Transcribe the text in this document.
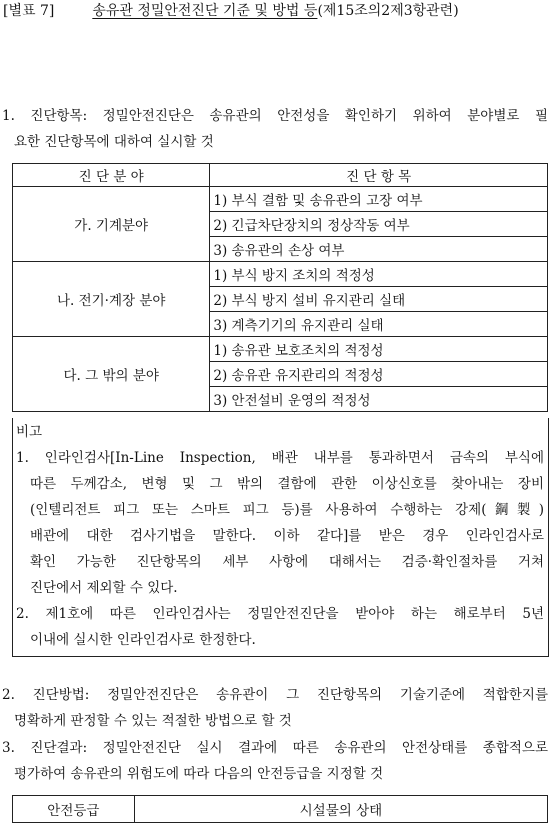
[별표 7]	송유관 정밀안전진단 기준 및 방법 등(제15조의2제3항관련)
1. 진단항목: 정밀안전진단은 송유관의 안전성을 확인하기 위하여 분야별로 필
요한 진단항목에 대하여 실시할 것
진 단 분 야	진 단 항 목
가. 기계분야	1) 부식 결함 및 송유관의 고장 여부
	2) 긴급차단장치의 정상작동 여부
	3) 송유관의 손상 여부
나. 전기·계장 분야	1) 부식 방지 조치의 적정성
	2) 부식 방지 설비 유지관리 실태
	3) 계측기기의 유지관리 실태
다. 그 밖의 분야	1) 송유관 보호조치의 적정성
	2) 송유관 유지관리의 적정성
	3) 안전설비 운영의 적정성
비고
1. 인라인검사[In-Line Inspection, 배관 내부를 통과하면서 금속의 부식에
따른 두께감소, 변형 및 그 밖의 결함에 관한 이상신호를 찾아내는 장비
(인텔리전트 피그 또는 스마트 피그 등)를 사용하여 수행하는 강제(鋼製)
배관에 대한 검사기법을 말한다. 이하 같다]를 받은 경우 인라인검사로
확인 가능한 진단항목의 세부 사항에 대해서는 검증·확인절차를 거쳐
진단에서 제외할 수 있다.
2. 제1호에 따른 인라인검사는 정밀안전진단을 받아야 하는 해로부터 5년
이내에 실시한 인라인검사로 한정한다.
2. 진단방법: 정밀안전진단은 송유관이 그 진단항목의 기술기준에 적합한지를
명확하게 판정할 수 있는 적절한 방법으로 할 것
3. 진단결과: 정밀안전진단 실시 결과에 따른 송유관의 안전상태를 종합적으로
평가하여 송유관의 위험도에 따라 다음의 안전등급을 지정할 것
안전등급	시설물의 상태
